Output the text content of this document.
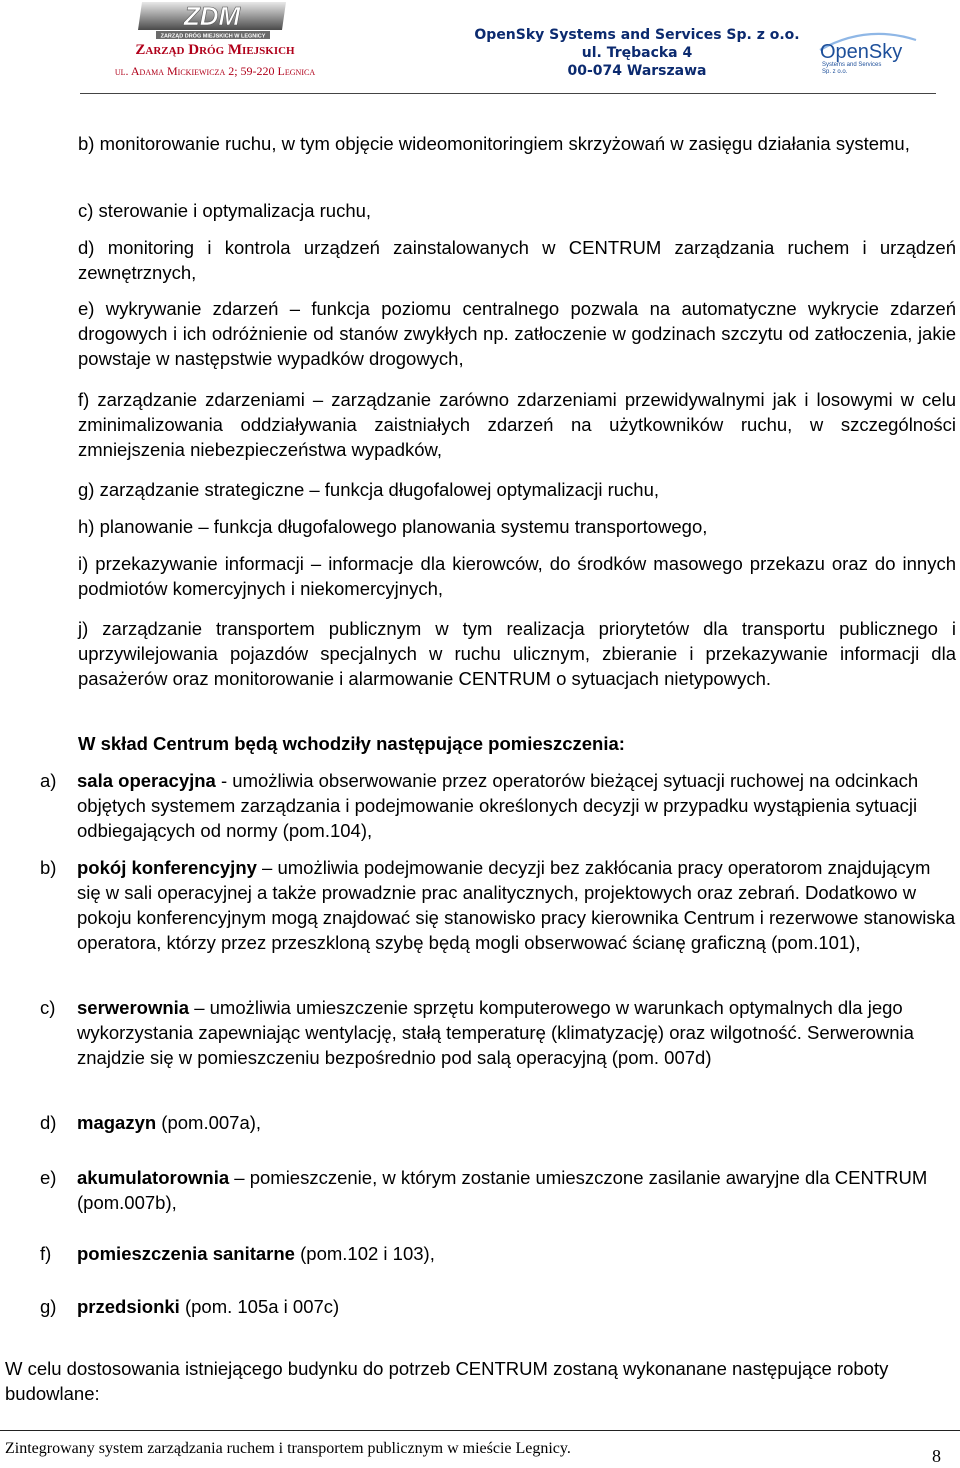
ZDM
ZARZĄD DRÓG MIEJSKICH W LEGNICY
Zarząd Dróg Miejskich
ul. Adama Mickiewicza 2; 59-220 Legnica
OpenSky Systems and Services Sp. z o.o.
ul. Trębacka 4
00-074 Warszawa
OpenSky
Systems and Services
Sp. z o.o.
b) monitorowanie ruchu, w tym objęcie wideomonitoringiem skrzyżowań w zasięgu działania systemu,
c) sterowanie i optymalizacja ruchu,
d) monitoring i kontrola urządzeń zainstalowanych w CENTRUM zarządzania ruchem i urządzeń zewnętrznych,
e) wykrywanie zdarzeń – funkcja poziomu centralnego pozwala na automatyczne wykrycie zdarzeń drogowych i ich odróżnienie od stanów zwykłych np. zatłoczenie w godzinach szczytu od zatłoczenia, jakie powstaje w następstwie wypadków drogowych,
f) zarządzanie zdarzeniami – zarządzanie zarówno zdarzeniami przewidywalnymi jak i losowymi w celu zminimalizowania oddziaływania zaistniałych zdarzeń na użytkowników ruchu, w szczególności zmniejszenia niebezpieczeństwa wypadków,
g) zarządzanie strategiczne – funkcja długofalowej optymalizacji ruchu,
h) planowanie – funkcja długofalowego planowania systemu transportowego,
i) przekazywanie informacji – informacje dla kierowców, do środków masowego przekazu oraz do innych podmiotów komercyjnych i niekomercyjnych,
j) zarządzanie transportem publicznym w tym realizacja priorytetów dla transportu publicznego i uprzywilejowania pojazdów specjalnych w ruchu ulicznym, zbieranie i przekazywanie informacji dla pasażerów oraz monitorowanie i alarmowanie CENTRUM o sytuacjach nietypowych.
W skład Centrum będą wchodziły następujące pomieszczenia:
a) sala operacyjna - umożliwia obserwowanie przez operatorów bieżącej sytuacji ruchowej na odcinkach objętych systemem zarządzania i podejmowanie określonych decyzji w przypadku wystąpienia sytuacji odbiegających od normy (pom.104),
b) pokój konferencyjny – umożliwia podejmowanie decyzji bez zakłócania pracy operatorom znajdującym się w sali operacyjnej a także prowadznie prac analitycznych, projektowych oraz zebrań. Dodatkowo w pokoju konferencyjnym mogą znajdować się stanowisko pracy kierownika Centrum i rezerwowe stanowiska operatora, którzy przez przeszkloną szybę będą mogli obserwować ścianę graficzną (pom.101),
c) serwerownia – umożliwia umieszczenie sprzętu komputerowego w warunkach optymalnych dla jego wykorzystania zapewniając wentylację, stałą temperaturę (klimatyzację) oraz wilgotność. Serwerownia znajdzie się w pomieszczeniu bezpośrednio pod salą operacyjną (pom. 007d)
d) magazyn (pom.007a),
e) akumulatorownia – pomieszczenie, w którym zostanie umieszczone zasilanie awaryjne dla CENTRUM (pom.007b),
f) pomieszczenia sanitarne (pom.102 i 103),
g) przedsionki (pom. 105a i 007c)
W celu dostosowania istniejącego budynku do potrzeb CENTRUM zostaną wykonanane następujące roboty budowlane:
Zintegrowany system zarządzania ruchem i transportem publicznym w mieście Legnicy.	8
